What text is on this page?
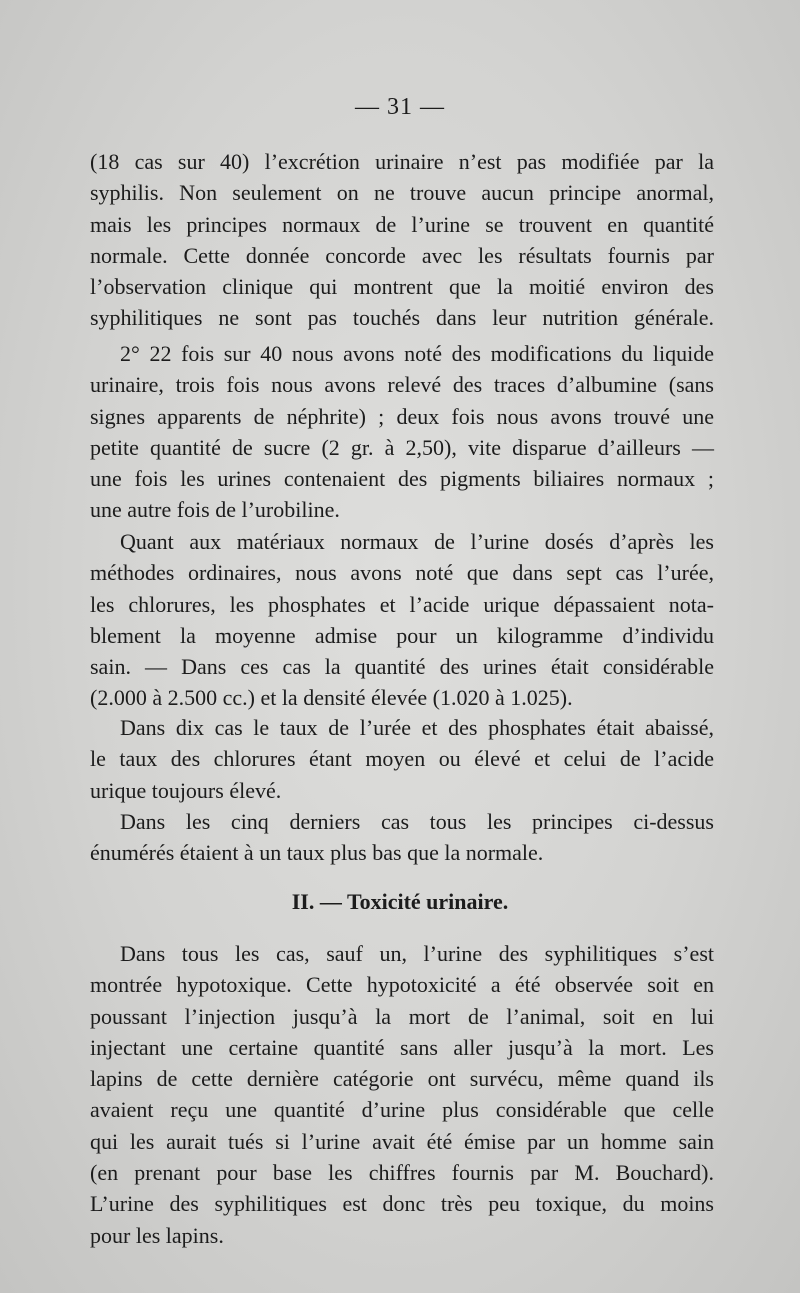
— 31 —
(18 cas sur 40) l’excrétion urinaire n’est pas modifiée par la
syphilis. Non seulement on ne trouve aucun principe anormal,
mais les principes normaux de l’urine se trouvent en quantité
normale. Cette donnée concorde avec les résultats fournis par
l’observation clinique qui montrent que la moitié environ des
syphilitiques ne sont pas touchés dans leur nutrition générale.
2° 22 fois sur 40 nous avons noté des modifications du liquide
urinaire, trois fois nous avons relevé des traces d’albumine (sans
signes apparents de néphrite) ; deux fois nous avons trouvé une
petite quantité de sucre (2 gr. à 2,50), vite disparue d’ailleurs —
une fois les urines contenaient des pigments biliaires normaux ;
une autre fois de l’urobiline.
Quant aux matériaux normaux de l’urine dosés d’après les
méthodes ordinaires, nous avons noté que dans sept cas l’urée,
les chlorures, les phosphates et l’acide urique dépassaient nota-
blement la moyenne admise pour un kilogramme d’individu
sain. — Dans ces cas la quantité des urines était considérable
(2.000 à 2.500 cc.) et la densité élevée (1.020 à 1.025).
Dans dix cas le taux de l’urée et des phosphates était abaissé,
le taux des chlorures étant moyen ou élevé et celui de l’acide
urique toujours élevé.
Dans les cinq derniers cas tous les principes ci-dessus
énumérés étaient à un taux plus bas que la normale.
II. — Toxicité urinaire.
Dans tous les cas, sauf un, l’urine des syphilitiques s’est
montrée hypotoxique. Cette hypotoxicité a été observée soit en
poussant l’injection jusqu’à la mort de l’animal, soit en lui
injectant une certaine quantité sans aller jusqu’à la mort. Les
lapins de cette dernière catégorie ont survécu, même quand ils
avaient reçu une quantité d’urine plus considérable que celle
qui les aurait tués si l’urine avait été émise par un homme sain
(en prenant pour base les chiffres fournis par M. Bouchard).
L’urine des syphilitiques est donc très peu toxique, du moins
pour les lapins.
